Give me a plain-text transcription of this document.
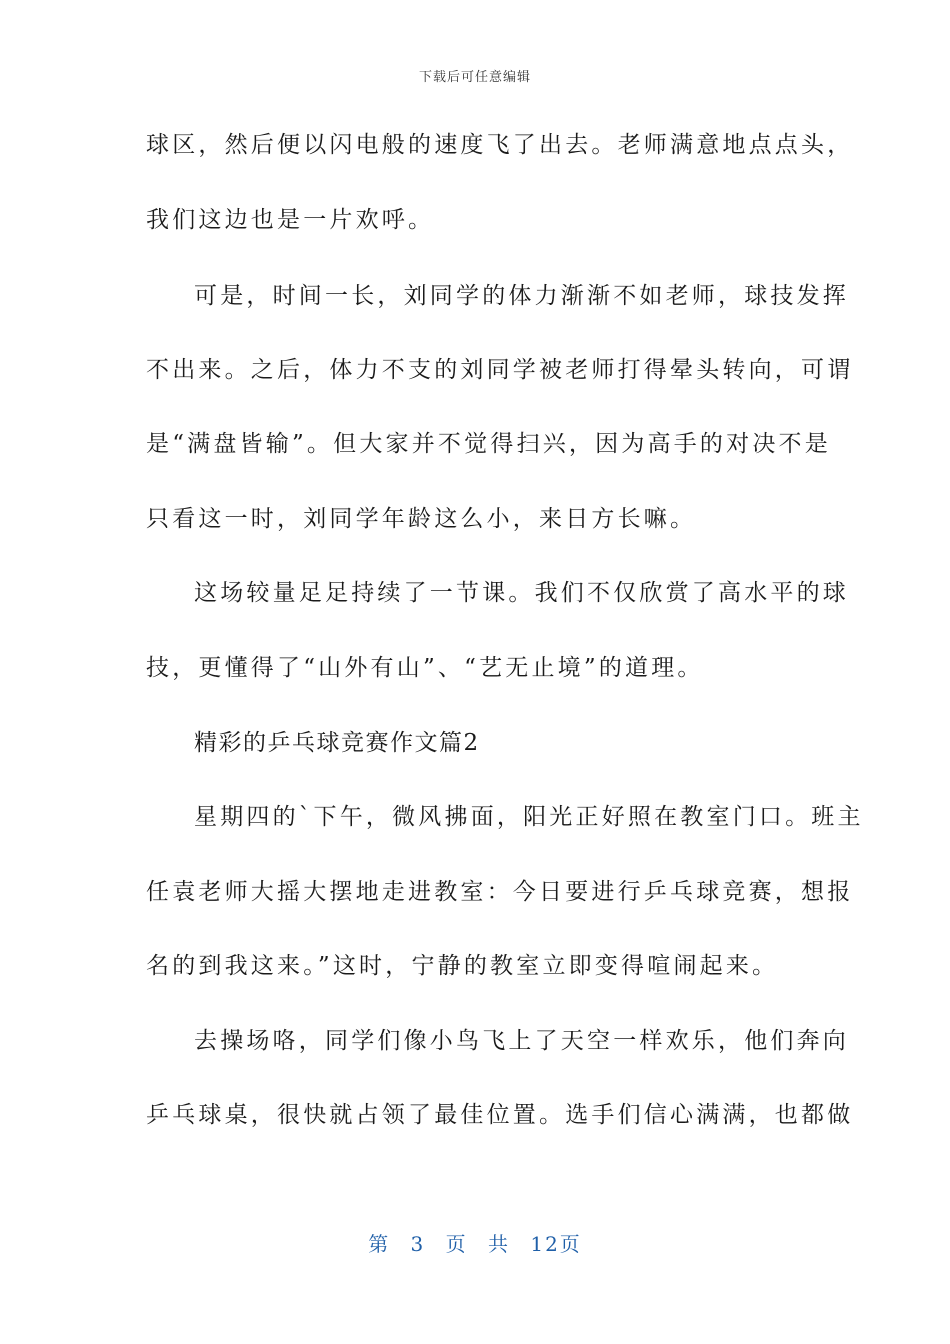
下载后可任意编辑
球区，然后便以闪电般的速度飞了出去。老师满意地点点头，
我们这边也是一片欢呼。
可是，时间一长，刘同学的体力渐渐不如老师，球技发挥
不出来。之后，体力不支的刘同学被老师打得晕头转向，可谓
是“满盘皆输”。但大家并不觉得扫兴，因为高手的对决不是
只看这一时，刘同学年龄这么小，来日方长嘛。
这场较量足足持续了一节课。我们不仅欣赏了高水平的球
技，更懂得了“山外有山”、“艺无止境”的道理。
精彩的乒乓球竞赛作文篇2
星期四的`下午，微风拂面，阳光正好照在教室门口。班主
任袁老师大摇大摆地走进教室：今日要进行乒乓球竞赛，想报
名的到我这来。”这时，宁静的教室立即变得喧闹起来。
去操场咯，同学们像小鸟飞上了天空一样欢乐，他们奔向
乒乓球桌，很快就占领了最佳位置。选手们信心满满，也都做
第 3 页 共 12页
